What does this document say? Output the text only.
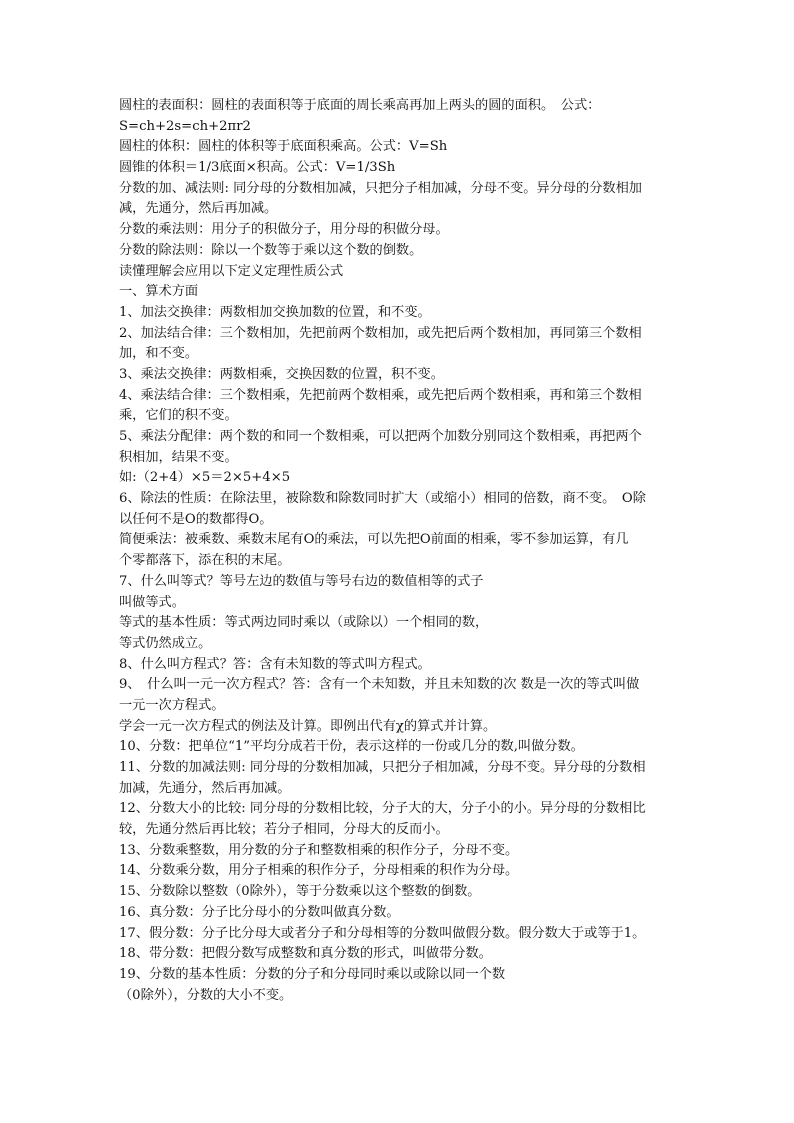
圆柱的表面积：圆柱的表面积等于底面的周长乘高再加上两头的圆的面积。　公式：
S=ch+2s=ch+2πr2
圆柱的体积：圆柱的体积等于底面积乘高。公式：V=Sh
圆锥的体积＝1/3底面×积高。公式：V=1/3Sh
分数的加、减法则: 同分母的分数相加减，只把分子相加减，分母不变。异分母的分数相加
减，先通分，然后再加减。
分数的乘法则：用分子的积做分子，用分母的积做分母。
分数的除法则：除以一个数等于乘以这个数的倒数。
读懂理解会应用以下定义定理性质公式
一、算术方面
1、加法交换律：两数相加交换加数的位置，和不变。
2、加法结合律：三个数相加，先把前两个数相加，或先把后两个数相加，再同第三个数相
加，和不变。
3、乘法交换律：两数相乘，交换因数的位置，积不变。
4、乘法结合律：三个数相乘，先把前两个数相乘，或先把后两个数相乘，再和第三个数相
乘，它们的积不变。
5、乘法分配律：两个数的和同一个数相乘，可以把两个加数分别同这个数相乘，再把两个
积相加，结果不变。
如:（2+4）×5＝2×5+4×5
6、除法的性质：在除法里，被除数和除数同时扩大（或缩小）相同的倍数，商不变。　O除
以任何不是O的数都得O。
简便乘法：被乘数、乘数末尾有O的乘法，可以先把O前面的相乘，零不参加运算，有几
个零都落下，添在积的末尾。
7、什么叫等式？等号左边的数值与等号右边的数值相等的式子
叫做等式。
等式的基本性质：等式两边同时乘以（或除以）一个相同的数，
等式仍然成立。
8、什么叫方程式？答：含有未知数的等式叫方程式。
9、　什么叫一元一次方程式？答：含有一个未知数，并且未知数的次 数是一次的等式叫做
一元一次方程式。
学会一元一次方程式的例法及计算。即例出代有χ的算式并计算。
10、分数：把单位“1”平均分成若干份，表示这样的一份或几分的数,叫做分数。
11、分数的加减法则: 同分母的分数相加减，只把分子相加减，分母不变。异分母的分数相
加减，先通分，然后再加减。
12、分数大小的比较: 同分母的分数相比较，分子大的大，分子小的小。异分母的分数相比
较，先通分然后再比较；若分子相同，分母大的反而小。
13、分数乘整数，用分数的分子和整数相乘的积作分子，分母不变。
14、分数乘分数，用分子相乘的积作分子，分母相乘的积作为分母。
15、分数除以整数（0除外），等于分数乘以这个整数的倒数。
16、真分数：分子比分母小的分数叫做真分数。
17、假分数：分子比分母大或者分子和分母相等的分数叫做假分数。假分数大于或等于1。
18、带分数：把假分数写成整数和真分数的形式，叫做带分数。
19、分数的基本性质：分数的分子和分母同时乘以或除以同一个数
（0除外），分数的大小不变。
